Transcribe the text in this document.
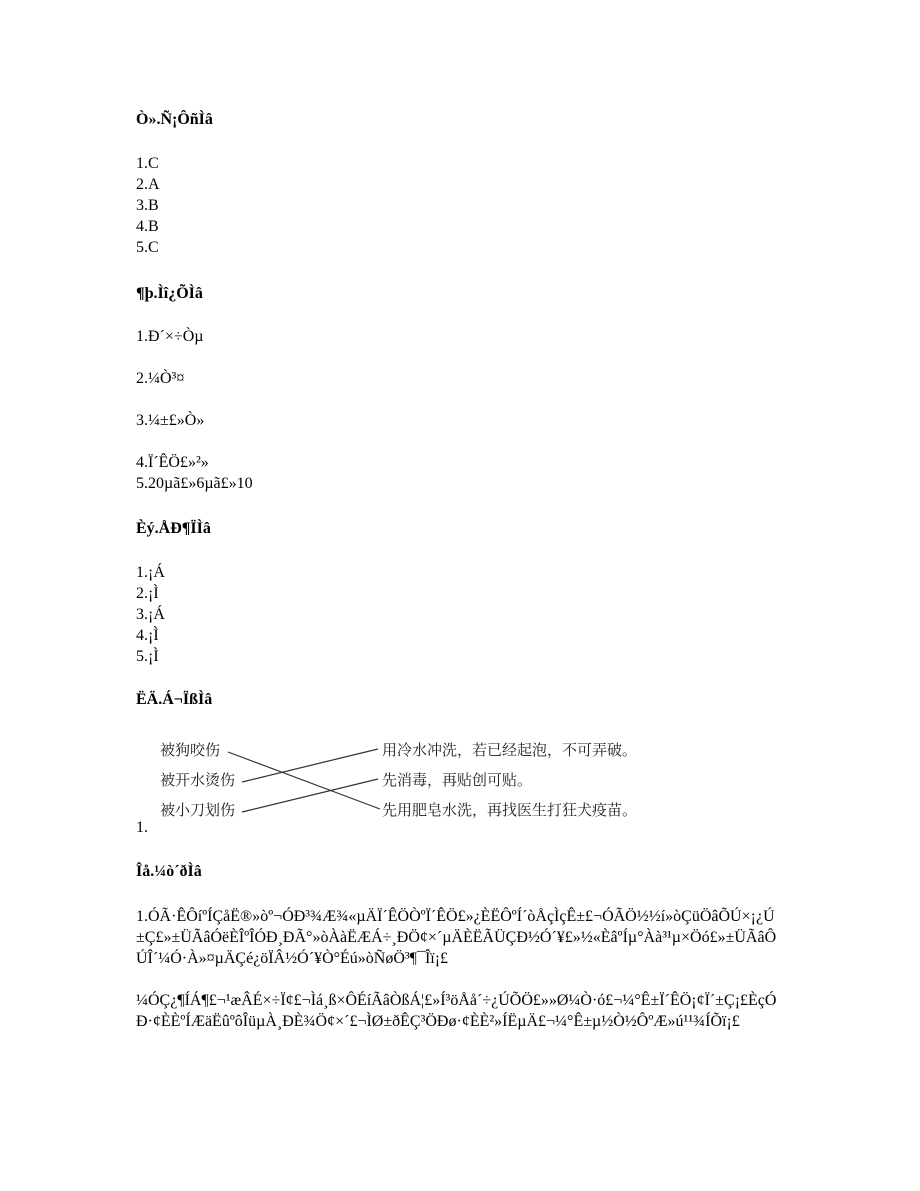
Ò».Ñ¡ÔñÌâ
1.C
2.A
3.B
4.B
5.C
¶þ.Ìî¿ÕÌâ
1.Ð´×÷Òµ
2.¼Ò³¤
3.¼±£»Ò»
4.Ï´ÊÖ£»²»
5.20µã£»6µã£»10
Èý.ÅÐ¶ÏÌâ
1.¡Á
2.¡Ì
3.¡Á
4.¡Ì
5.¡Ì
ËÄ.Á¬ÏßÌâ
被狗咬伤
被开水烫伤
被小刀划伤
用冷水冲洗，若已经起泡，不可弄破。
先消毒，再贴创可贴。
先用肥皂水洗，再找医生打狂犬疫苗。
1.
Îå.¼ò´ðÌâ
1.ÓÃ·ÊÔíºÍÇåË®»òº¬ÓÐ³¾Æ¾«µÄÏ´ÊÖÒºÏ´ÊÖ£»¿ÈËÔºÍ´òÅçÌçÊ±£¬ÓÃÖ½½í»òÇüÖâÕÚ×¡¿Ú±Ç£»±ÜÃâÓëÈÎºÎÓÐ¸ÐÃ°»òÀàËÆÁ÷¸ÐÖ¢×´µÄÈËÃÜÇÐ½Ó´¥£»½«ÈâºÍµ°Àà³¹µ×Öó£»±ÜÃâÔÚÎ´¼Ó·À»¤µÄÇé¿öÏÂ½Ó´¥Ò°Éú»òÑøÖ³¶¯Îï¡£
¼ÓÇ¿¶ÍÁ¶£¬¹æÂÉ×÷Ï¢£¬Ìá¸ß×ÔÉíÃâÒßÁ¦£»Í³öÅå´÷¿ÚÕÖ£»»Ø¼Ò·ó£¬¼°Ê±Ï´ÊÖ¡¢Ï´±Ç¡£ÈçÓÐ·¢ÈÈºÍÆäËûºôÎüµÀ¸ÐÈ¾Ö¢×´£¬ÌØ±ðÊÇ³ÖÐø·¢ÈÈ²»ÍËµÄ£¬¼°Ê±µ½Ò½ÔºÆ»ú¹¹¾ÍÕï¡£
